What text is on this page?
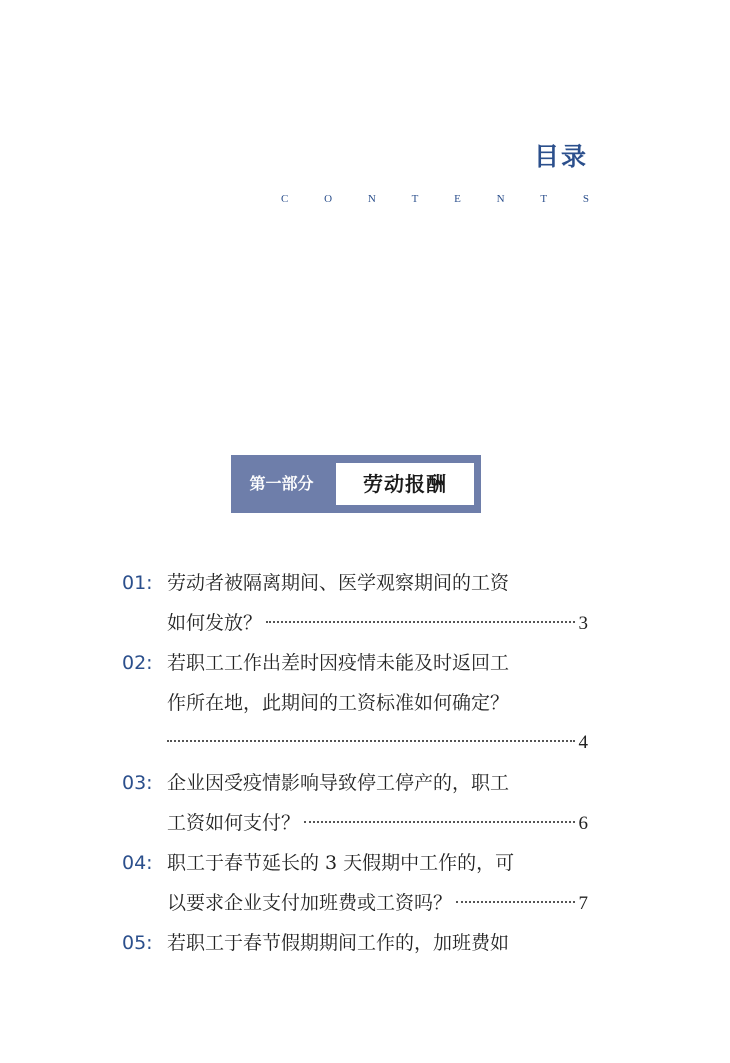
目录
C	O	N	T	E	N	T	S
第一部分	劳动报酬
01: 劳动者被隔离期间、医学观察期间的工资
如何发放？	3
02: 若职工工作出差时因疫情未能及时返回工
作所在地，此期间的工资标准如何确定？
4
03: 企业因受疫情影响导致停工停产的，职工
工资如何支付？	6
04: 职工于春节延长的 3 天假期中工作的，可
以要求企业支付加班费或工资吗？	7
05: 若职工于春节假期期间工作的，加班费如
